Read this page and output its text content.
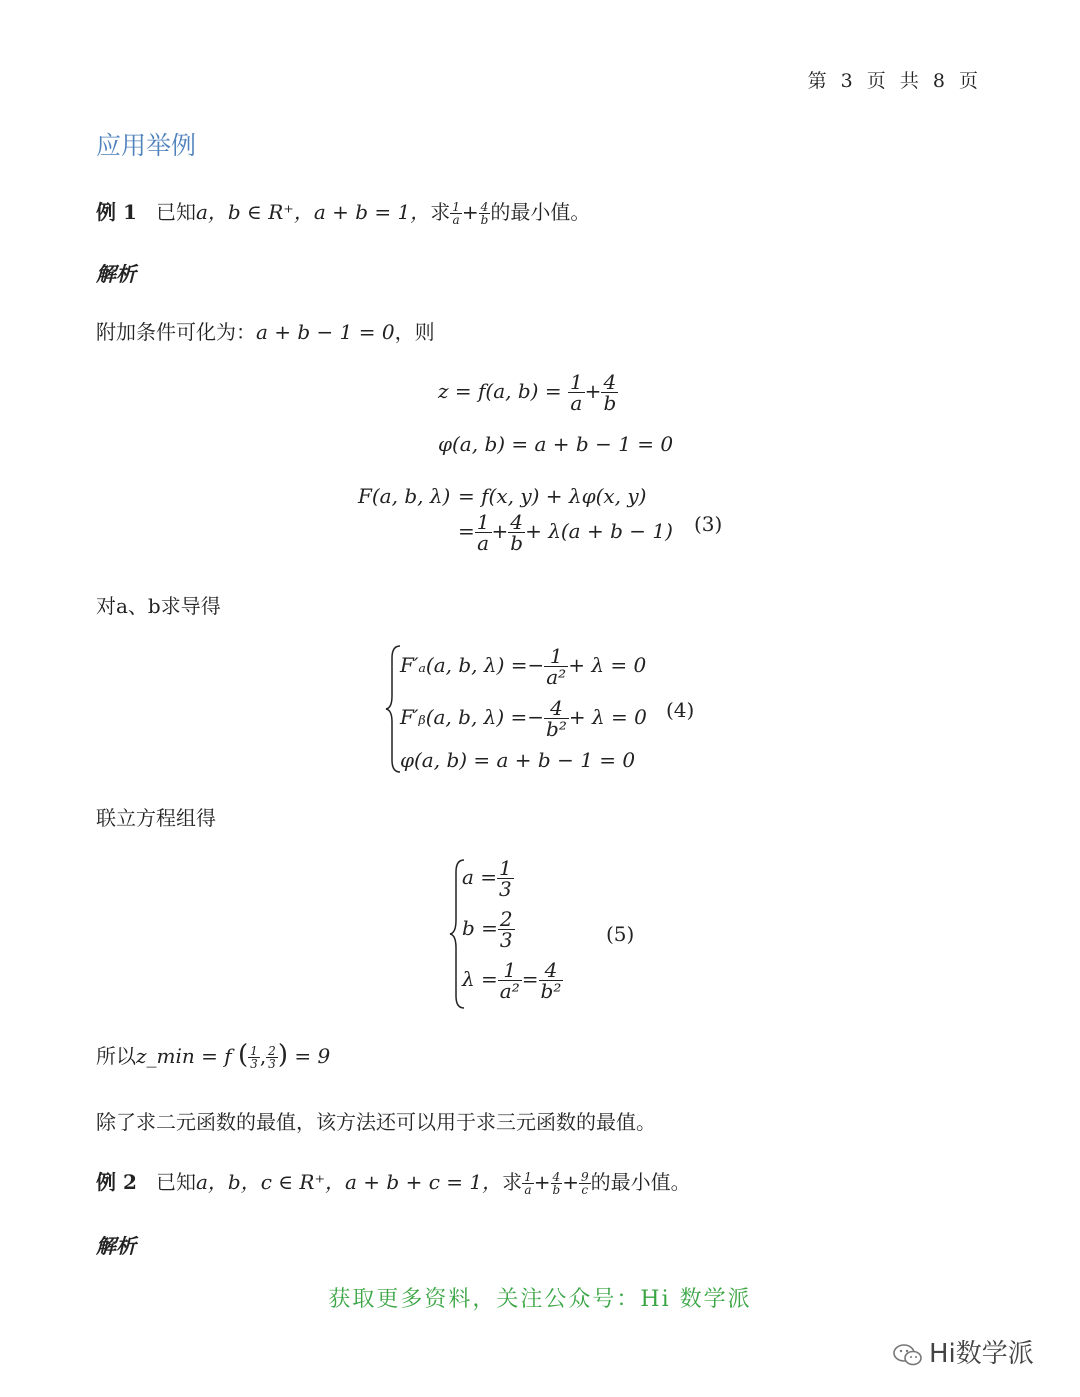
第 3 页 共 8 页
应用举例
例 1 已知a，b ∈ R⁺，a + b = 1，求 $\frac{1}{a} + \frac{4}{b}$ 的最小值。
解析
附加条件可化为：a + b − 1 = 0，则
z = f(a, $b) = \frac{1}{a} + \frac{4}{b}$
φ(a, b) = a + b − 1 = 0
F(a, b, λ) = f(x, y) + λφ(x, y)
= $\frac{1}{a} + \frac{4}{b} + \lambda(a + b - 1)$ (3)
对a、b求导得
F′ₐ(a, b, $\lambda) =- \frac{1}{\text{a²}} + \lambda = 0$
F′ᵦ(a, b, $\lambda) =- \frac{4}{\text{b²}} + \lambda = 0$
φ(a, b) = a + b − 1 = 0
(4)
联立方程组得
$a = \frac{1}{3}$
$b = \frac{2}{3}$
$\lambda = \frac{1}{\text{a²}} = \frac{4}{\text{b²}}$
(5)
所以z_min = f ( $\frac{1}{3}$ , $\frac{2}{3}$ ) = 9
除了求二元函数的最值，该方法还可以用于求三元函数的最值。
例 2 已知a，b，c ∈ R⁺，a + b + c = 1，求 $\frac{1}{a} + \frac{4}{b} + \frac{9}{c}$ 的最小值。
解析
获取更多资料，关注公众号：Hi 数学派
Hi数学派
